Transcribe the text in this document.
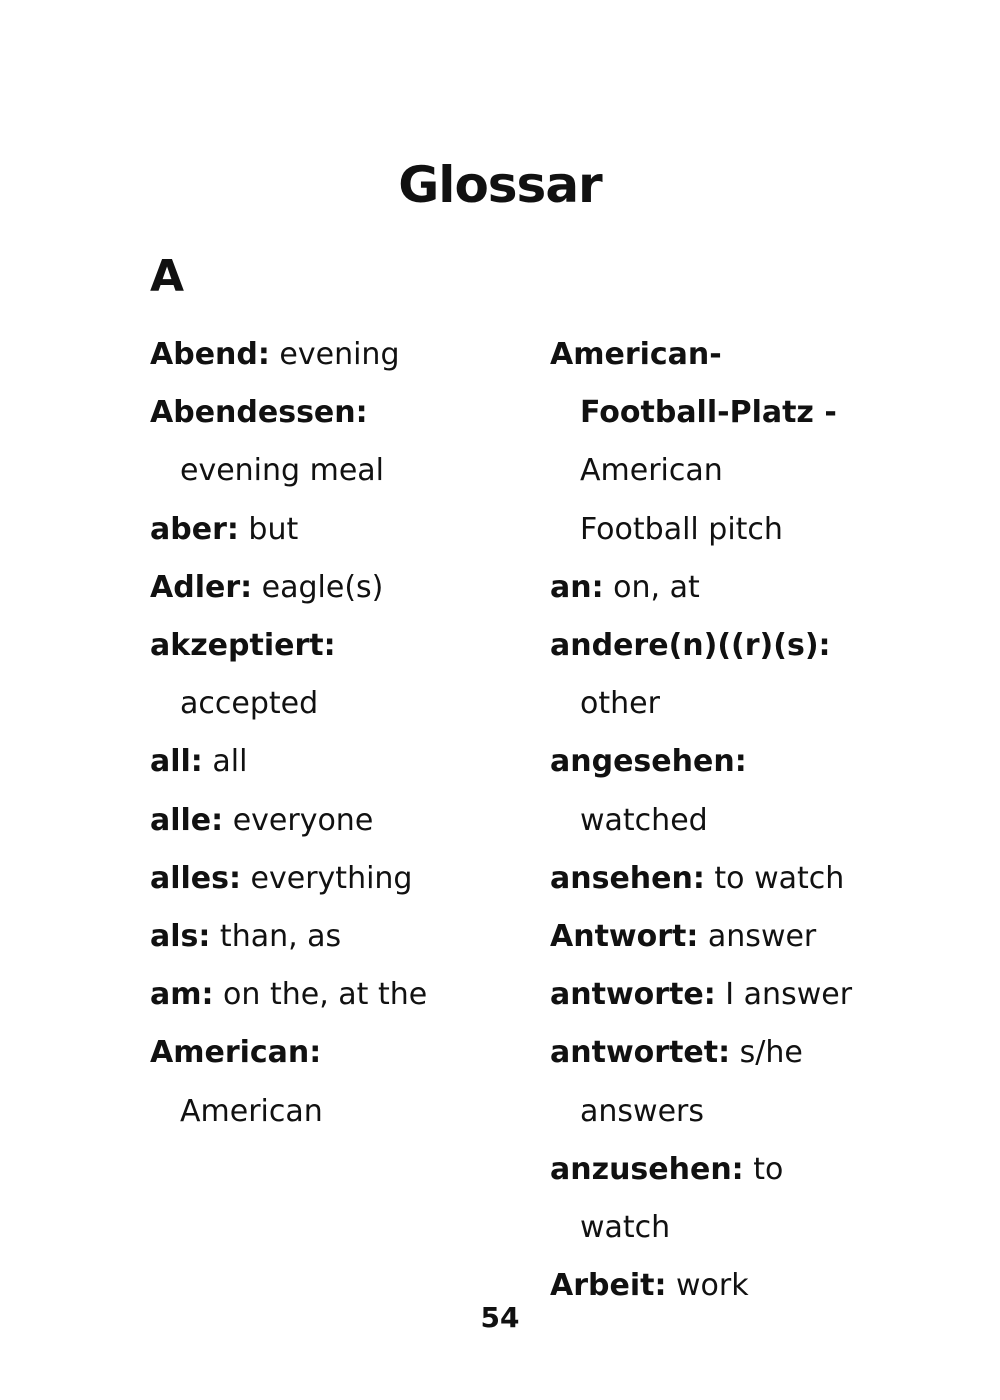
Glossar
A

Abend: evening

Abendessen: evening meal

aber: but

Adler: eagle(s)

akzeptiert: accepted

all: all

alle: everyone

alles: everything

als: than, as

am: on the, at the

American: American

American-Football-Platz - American Football pitch

an: on, at

andere(n)((r)(s): other

angesehen: watched

ansehen: to watch

Antwort: answer

antworte: I answer

antwortet: s/he answers

anzusehen: to watch

Arbeit: work

54
